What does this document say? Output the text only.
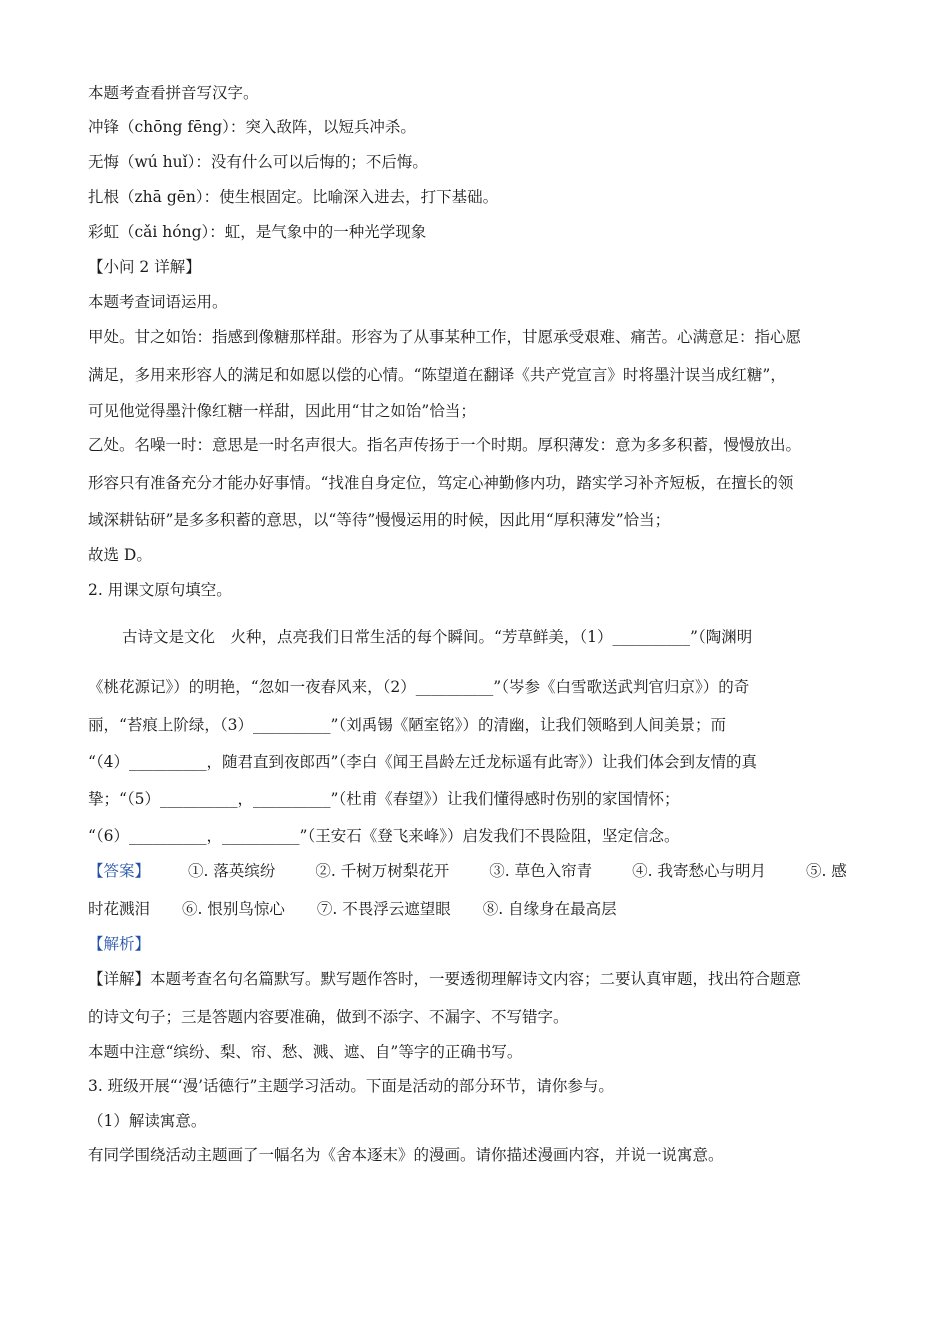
本题考查看拼音写汉字。
冲锋（chōng fēng）：突入敌阵，以短兵冲杀。
无悔（wú huǐ）：没有什么可以后悔的；不后悔。
扎根（zhā gēn）：使生根固定。比喻深入进去，打下基础。
彩虹（cǎi hóng）：虹，是气象中的一种光学现象
【小问 2 详解】
本题考查词语运用。
甲处。甘之如饴：指感到像糖那样甜。形容为了从事某种工作，甘愿承受艰难、痛苦。心满意足：指心愿
满足，多用来形容人的满足和如愿以偿的心情。“陈望道在翻译《共产党宣言》时将墨汁误当成红糖”，
可见他觉得墨汁像红糖一样甜，因此用“甘之如饴”恰当；
乙处。名噪一时：意思是一时名声很大。指名声传扬于一个时期。厚积薄发：意为多多积蓄，慢慢放出。
形容只有准备充分才能办好事情。“找准自身定位，笃定心神勤修内功，踏实学习补齐短板，在擅长的领
域深耕钻研”是多多积蓄的意思，以“等待”慢慢运用的时候，因此用“厚积薄发”恰当；
故选 D。
2. 用课文原句填空。
古诗文是文化　火种，点亮我们日常生活的每个瞬间。“芳草鲜美，（1）__________”（陶渊明
《桃花源记》）的明艳，“忽如一夜春风来，（2）__________”（岑参《白雪歌送武判官归京》）的奇
丽，“苔痕上阶绿，（3）__________”（刘禹锡《陋室铭》）的清幽，让我们领略到人间美景；而
“（4）__________，随君直到夜郎西”（李白《闻王昌龄左迁龙标遥有此寄》）让我们体会到友情的真
挚；“（5）__________，__________”（杜甫《春望》）让我们懂得感时伤别的家国情怀；
“（6）__________，__________”（王安石《登飞来峰》）启发我们不畏险阻，坚定信念。
【答案】 ①. 落英缤纷	②. 千树万树梨花开	③. 草色入帘青	④. 我寄愁心与明月	⑤. 感
时花溅泪 ⑥. 恨别鸟惊心 ⑦. 不畏浮云遮望眼 ⑧. 自缘身在最高层
【解析】
【详解】本题考查名句名篇默写。默写题作答时，一要透彻理解诗文内容；二要认真审题，找出符合题意
的诗文句子；三是答题内容要准确，做到不添字、不漏字、不写错字。
本题中注意“缤纷、梨、帘、愁、溅、遮、自”等字的正确书写。
3. 班级开展“‘漫’话德行”主题学习活动。下面是活动的部分环节，请你参与。
（1）解读寓意。
有同学围绕活动主题画了一幅名为《舍本逐末》的漫画。请你描述漫画内容，并说一说寓意。
